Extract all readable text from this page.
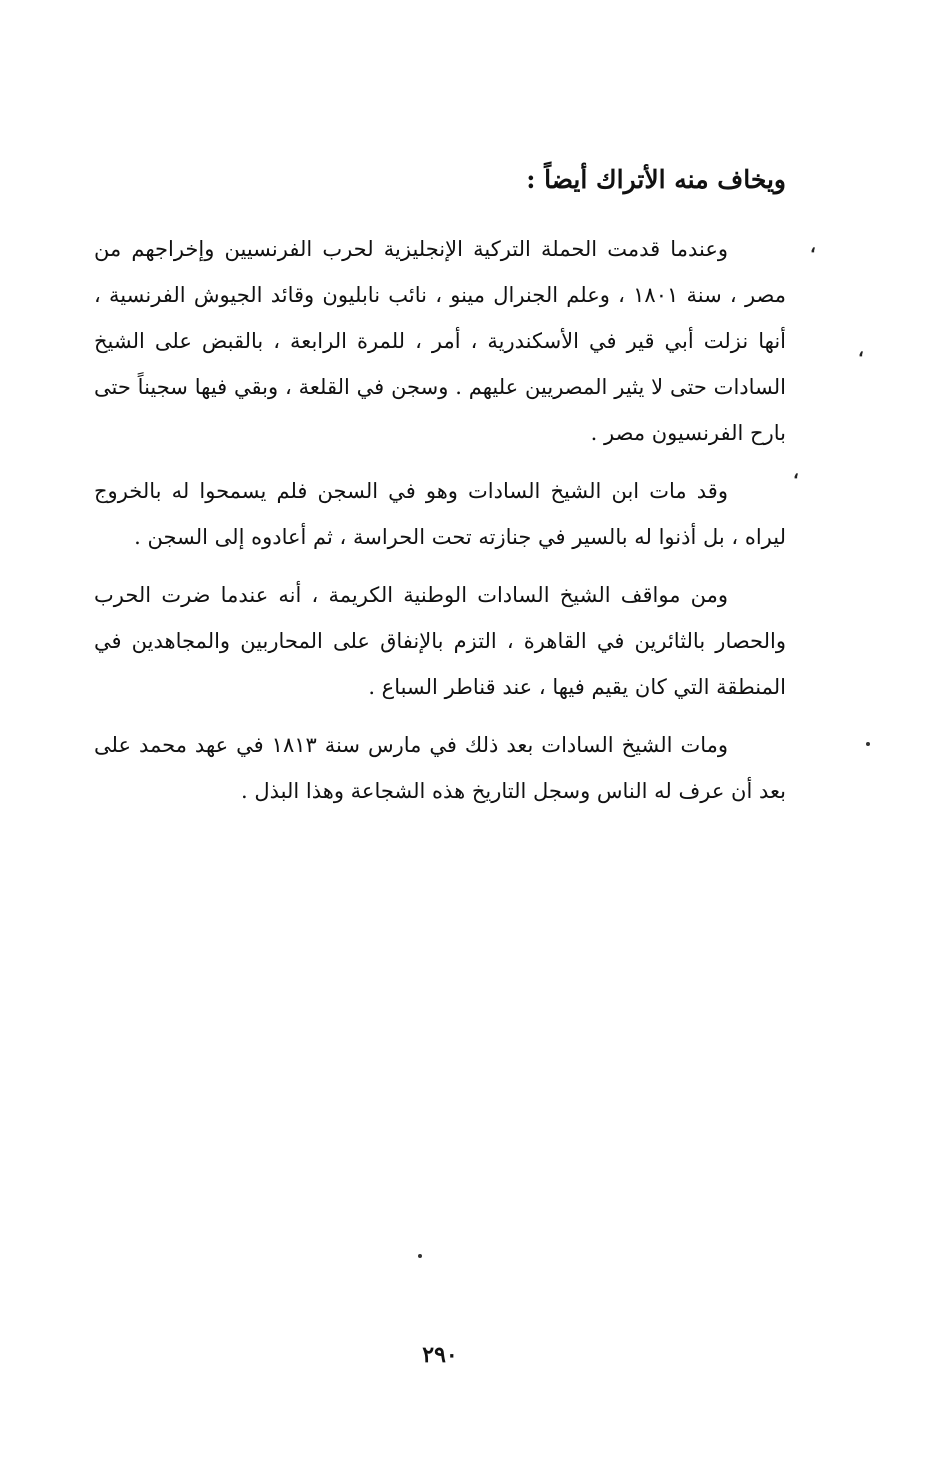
ويخاف منه الأتراك أيضاً :

وعندما قدمت الحملة التركية الإنجليزية لحرب الفرنسيين وإخراجهم من مصر ، سنة ١٨٠١ ، وعلم الجنرال مينو ، نائب نابليون وقائد الجيوش الفرنسية ، أنها نزلت أبي قير في الأسكندرية ، أمر ، للمرة الرابعة ، بالقبض على الشيخ السادات حتى لا يثير المصريين عليهم . وسجن في القلعة ، وبقي فيها سجيناً حتى بارح الفرنسيون مصر .

وقد مات ابن الشيخ السادات وهو في السجن فلم يسمحوا له بالخروج ليراه ، بل أذنوا له بالسير في جنازته تحت الحراسة ، ثم أعادوه إلى السجن .

ومن مواقف الشيخ السادات الوطنية الكريمة ، أنه عندما ضرت الحرب والحصار بالثائرين في القاهرة ، التزم بالإنفاق على المحاربين والمجاهدين في المنطقة التي كان يقيم فيها ، عند قناطر السباع .

ومات الشيخ السادات بعد ذلك في مارس سنة ١٨١٣ في عهد محمد على بعد أن عرف له الناس وسجل التاريخ هذه الشجاعة وهذا البذل .

،
،
،
٢٩٠
